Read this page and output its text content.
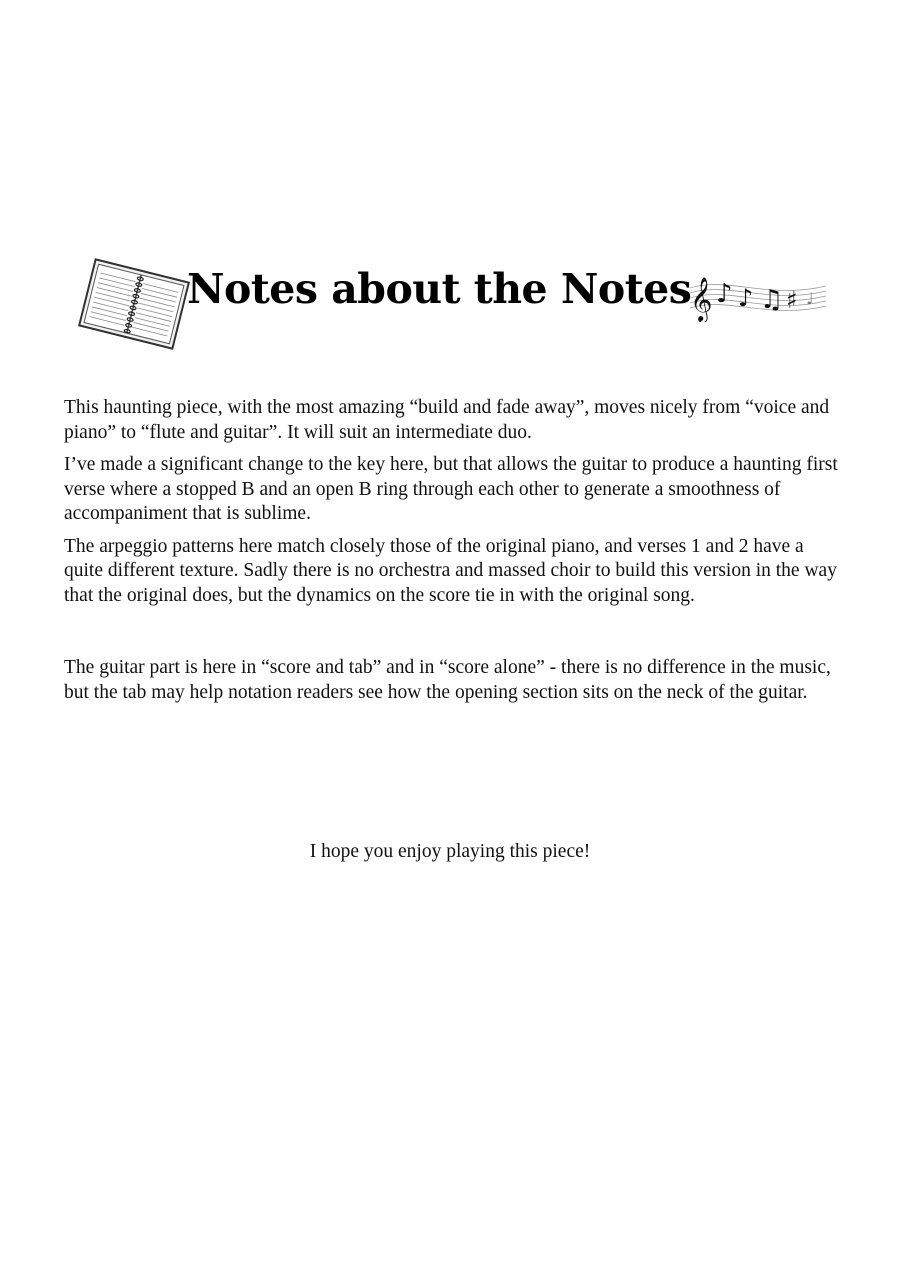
Notes about the Notes
𝄞 ♪ ♪ ♫ ♯ ♩

This haunting piece, with the most amazing “build and fade away”, moves nicely from “voice and piano” to “flute and guitar”. It will suit an intermediate duo.

I’ve made a significant change to the key here, but that allows the guitar to produce a haunting first verse where a stopped B and an open B ring through each other to generate a smoothness of accompaniment that is sublime.

The arpeggio patterns here match closely those of the original piano, and verses 1 and 2 have a quite different texture. Sadly there is no orchestra and massed choir to build this version in the way that the original does, but the dynamics on the score tie in with the original song.

The guitar part is here in “score and tab” and in “score alone” - there is no difference in the music, but the tab may help notation readers see how the opening section sits on the neck of the guitar.

I hope you enjoy playing this piece!
